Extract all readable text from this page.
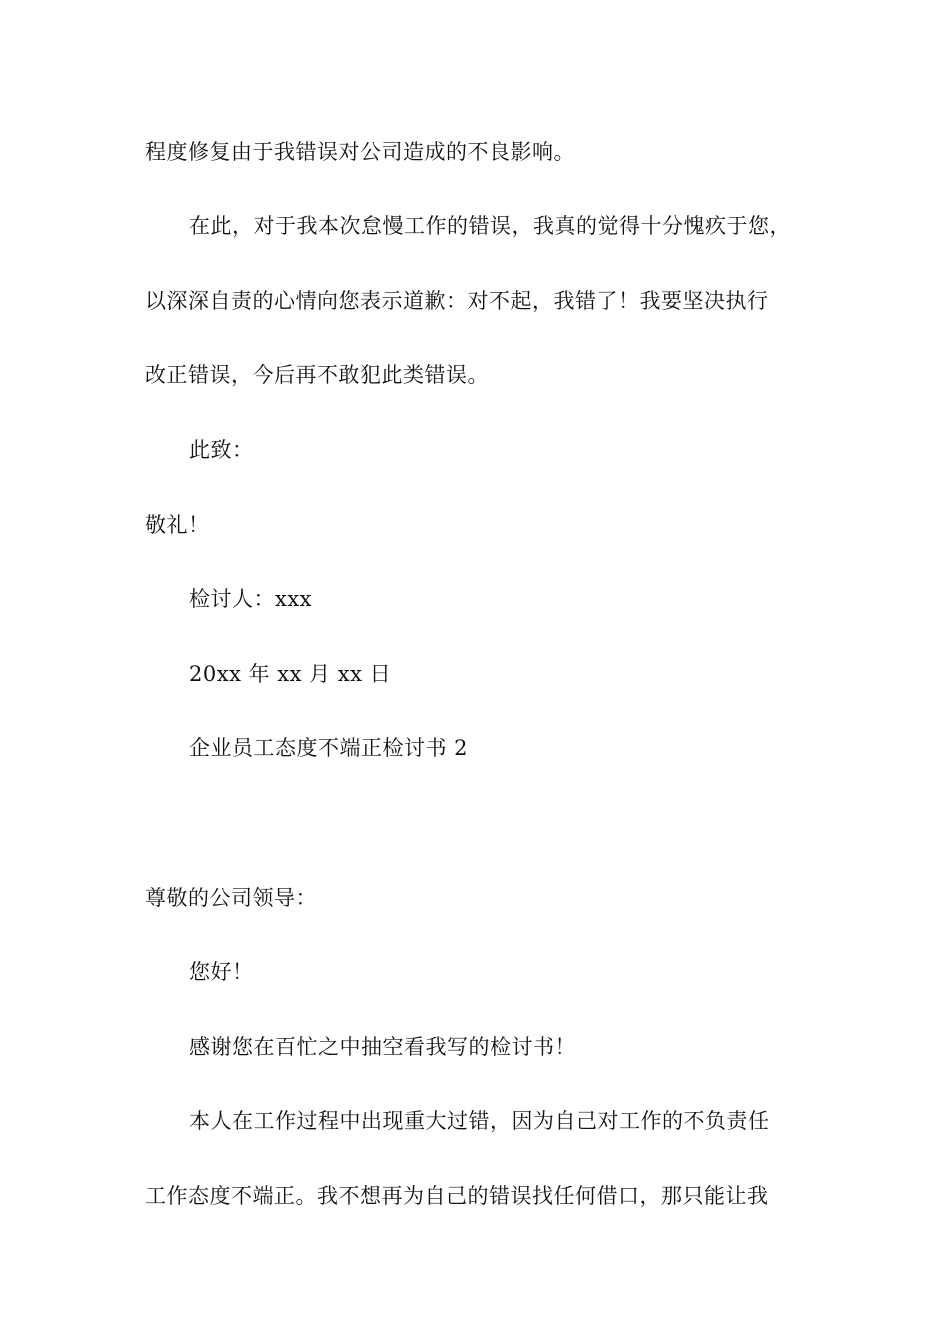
程度修复由于我错误对公司造成的不良影响。
在此，对于我本次怠慢工作的错误，我真的觉得十分愧疚于您，
以深深自责的心情向您表示道歉：对不起，我错了！我要坚决执行
改正错误，今后再不敢犯此类错误。
此致：
敬礼！
检讨人：xxx
20xx 年 xx 月 xx 日
企业员工态度不端正检讨书 2
尊敬的公司领导：
您好！
感谢您在百忙之中抽空看我写的检讨书！
本人在工作过程中出现重大过错，因为自己对工作的不负责任
工作态度不端正。我不想再为自己的错误找任何借口，那只能让我
